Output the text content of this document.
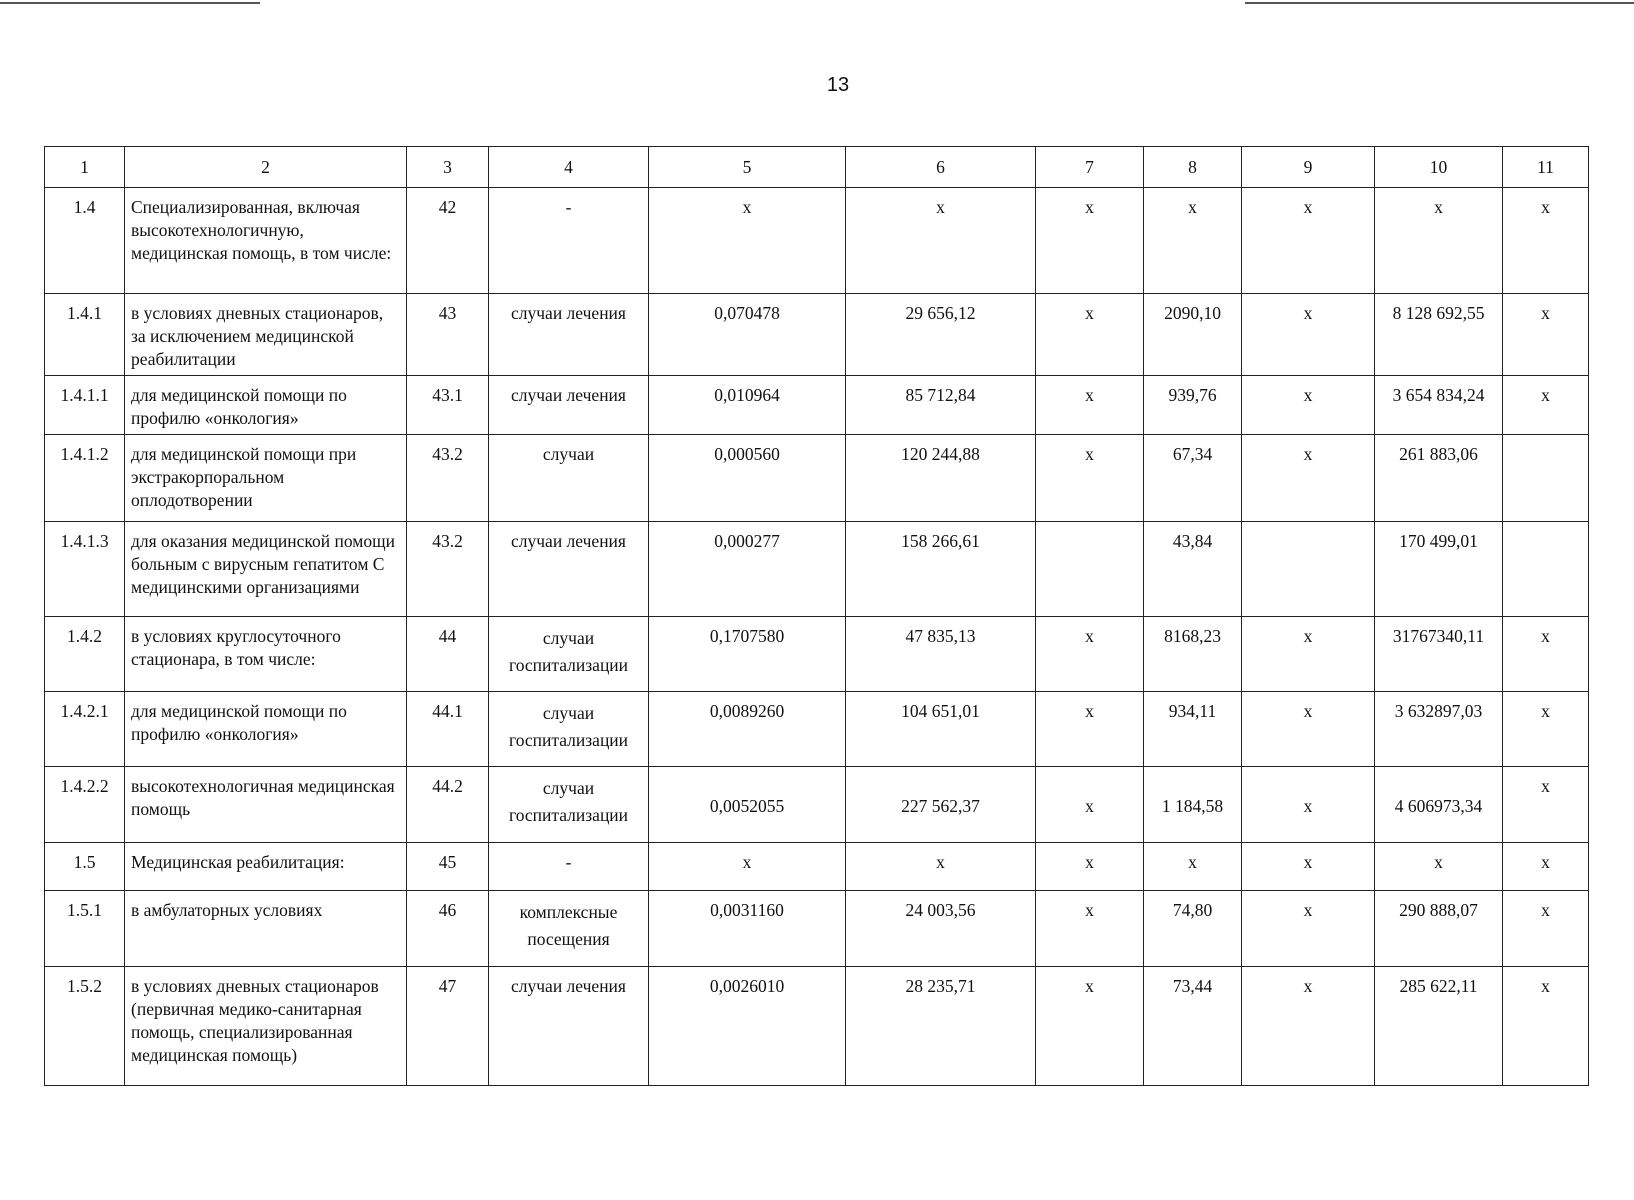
13
1	2	3	4	5	6	7	8	9	10	11
1.4	Специализированная, включая высокотехнологичную, медицинская помощь, в том числе:	42	-	х	х	х	х	х	х	х
1.4.1	в условиях дневных стационаров, за исключением медицинской реабилитации	43	случаи лечения	0,070478	29 656,12	х	2090,10	х	8 128 692,55	х
1.4.1.1	для медицинской помощи по профилю «онкология»	43.1	случаи лечения	0,010964	85 712,84	х	939,76	х	3 654 834,24	х
1.4.1.2	для медицинской помощи при экстракорпоральном оплодотворении	43.2	случаи	0,000560	120 244,88	х	67,34	х	261 883,06	
1.4.1.3	для оказания медицинской помощи больным с вирусным гепатитом С медицинскими организациями	43.2	случаи лечения	0,000277	158 266,61		43,84		170 499,01	
1.4.2	в условиях круглосуточного стационара, в том числе:	44	случаи госпитализации	0,1707580	47 835,13	х	8168,23	х	31767340,11	х
1.4.2.1	для медицинской помощи по профилю «онкология»	44.1	случаи госпитализации	0,0089260	104 651,01	х	934,11	х	3 632897,03	х
1.4.2.2	высокотехнологичная медицинская помощь	44.2	случаи госпитализации	0,0052055	227 562,37	х	1 184,58	х	4 606973,34	х
1.5	Медицинская реабилитация:	45	-	х	х	х	х	х	х	х
1.5.1	в амбулаторных условиях	46	комплексные посещения	0,0031160	24 003,56	х	74,80	х	290 888,07	х
1.5.2	в условиях дневных стационаров (первичная медико-санитарная помощь, специализированная медицинская помощь)	47	случаи лечения	0,0026010	28 235,71	х	73,44	х	285 622,11	х
